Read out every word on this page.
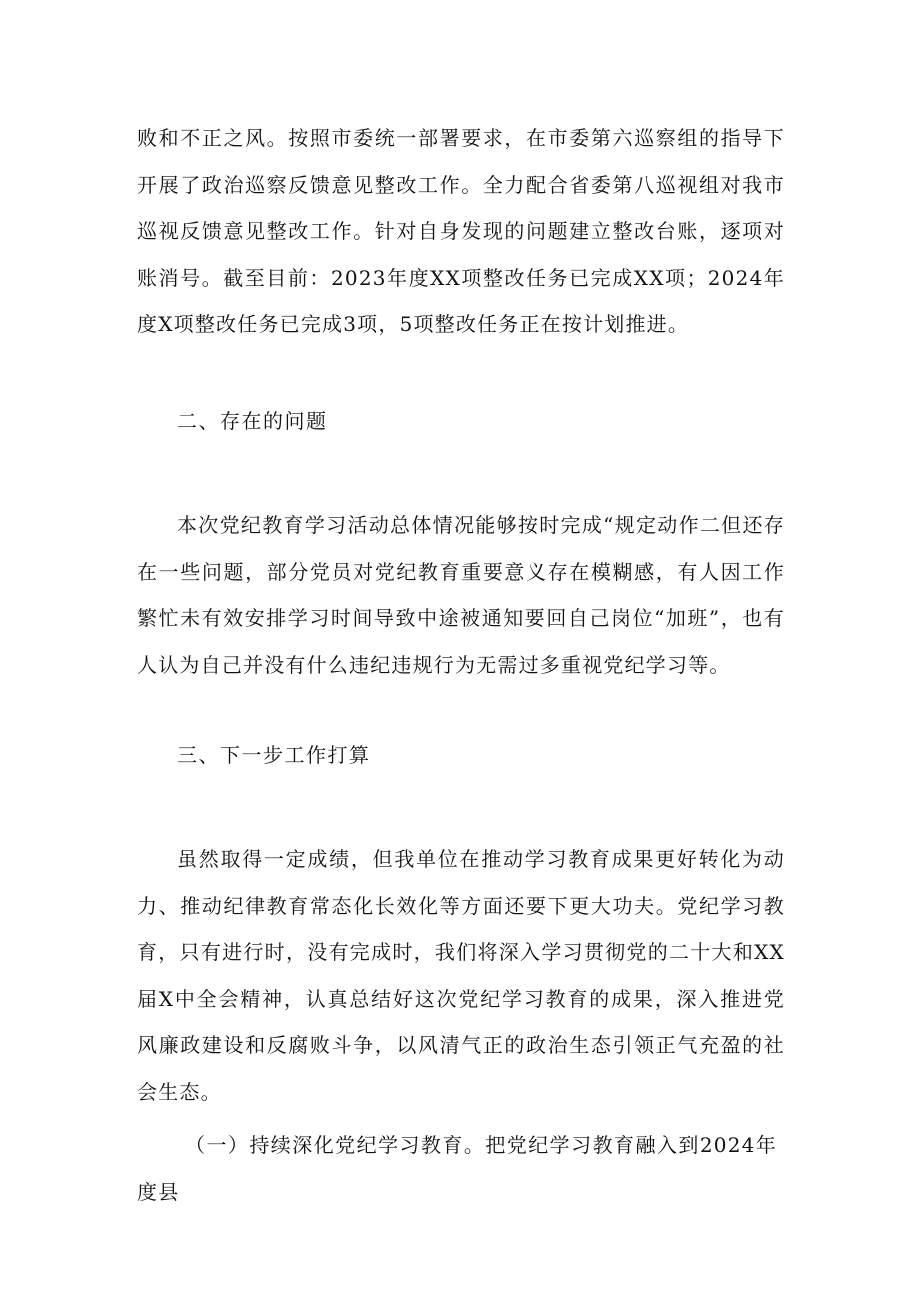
败和不正之风。按照市委统一部署要求，在市委第六巡察组的指导下开展了政治巡察反馈意见整改工作。全力配合省委第八巡视组对我市巡视反馈意见整改工作。针对自身发现的问题建立整改台账，逐项对账消号。截至目前：2023年度XX项整改任务已完成XX项；2024年度X项整改任务已完成3项，5项整改任务正在按计划推进。

二、存在的问题

本次党纪教育学习活动总体情况能够按时完成“规定动作二但还存在一些问题，部分党员对党纪教育重要意义存在模糊感，有人因工作繁忙未有效安排学习时间导致中途被通知要回自己岗位“加班”，也有人认为自己并没有什么违纪违规行为无需过多重视党纪学习等。

三、下一步工作打算

虽然取得一定成绩，但我单位在推动学习教育成果更好转化为动力、推动纪律教育常态化长效化等方面还要下更大功夫。党纪学习教育，只有进行时，没有完成时，我们将深入学习贯彻党的二十大和XX届X中全会精神，认真总结好这次党纪学习教育的成果，深入推进党风廉政建设和反腐败斗争，以风清气正的政治生态引领正气充盈的社会生态。

（一）持续深化党纪学习教育。把党纪学习教育融入到2024年度县
